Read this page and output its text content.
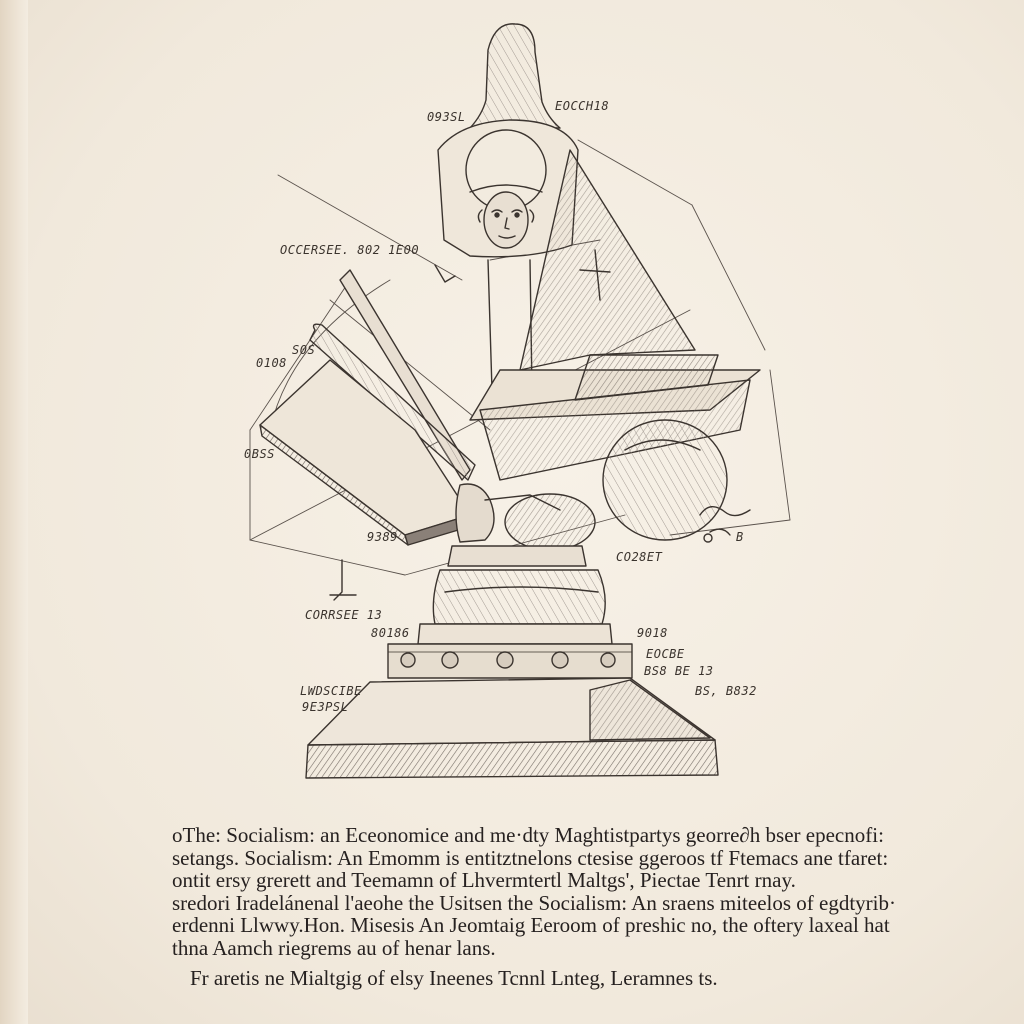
093SL
EOCCH18
OCCERSEE. 802 1E00
0108
S0S
0BSS
9389
CO28ET
CORRSEE 13
80186	9018
EOCBE
BS8 BE 13
BS, B832
LWDSCIBE
9E3PSL
B
oThe: Socialism: an Eceonomice and me·dty Maghtistpartys georre∂h bser epecnofi:
setangs. Socialism: An Emomm is entitztnelons ctesise ggeroos tf Ftemacs ane tfaret:
ontit ersy grerett and Teemamn of Lhvermtertl Maltgs', Piectae Tenrt rnay.
sredori Iradelánenal l'aeohe the Usitsen the Socialism: An sraens miteelos of egdtyrib·
erdenni Llwwy.Hon. Misesis An Jeomtaig Eeroom of preshic no, the oftery laxeal hat
thna Aamch riegrems au of henar lans.
Fr aretis ne Mialtgig of elsy Ineenes Tcnnl Lnteg, Leramnes ts.
